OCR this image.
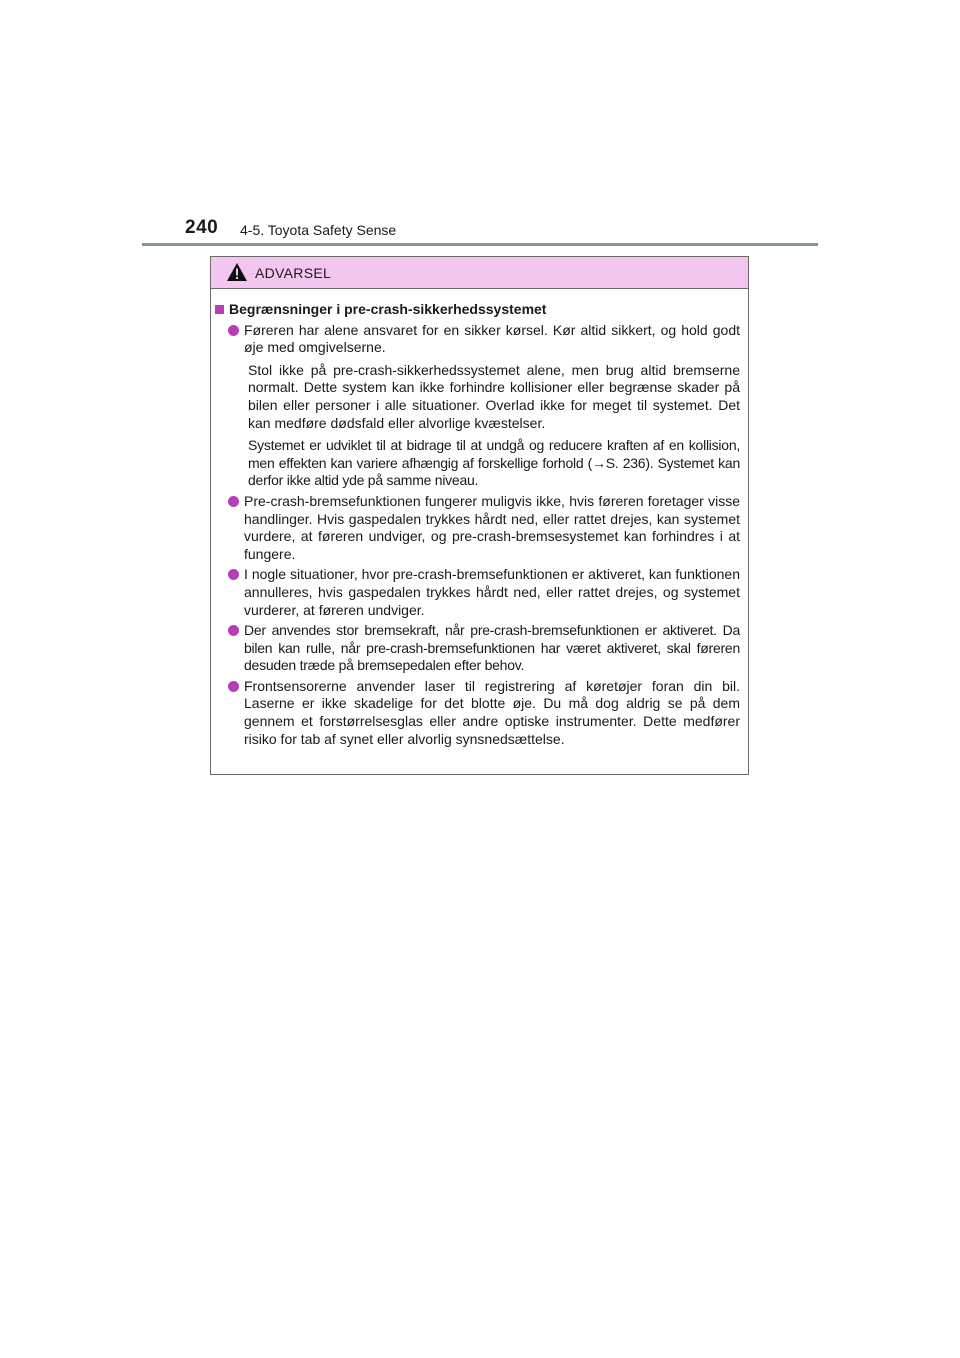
240 4-5. Toyota Safety Sense
ADVARSEL
Begrænsninger i pre-crash-sikkerhedssystemet
Føreren har alene ansvaret for en sikker kørsel. Kør altid sikkert, og hold godt øje med omgivelserne.
Stol ikke på pre-crash-sikkerhedssystemet alene, men brug altid bremserne normalt. Dette system kan ikke forhindre kollisioner eller begrænse skader på bilen eller personer i alle situationer. Overlad ikke for meget til systemet. Det kan medføre dødsfald eller alvorlige kvæstelser.
Systemet er udviklet til at bidrage til at undgå og reducere kraften af en kollision, men effekten kan variere afhængig af forskellige forhold (→S. 236). Systemet kan derfor ikke altid yde på samme niveau.
Pre-crash-bremsefunktionen fungerer muligvis ikke, hvis føreren foretager visse handlinger. Hvis gaspedalen trykkes hårdt ned, eller rattet drejes, kan systemet vurdere, at føreren undviger, og pre-crash-bremsesystemet kan forhindres i at fungere.
I nogle situationer, hvor pre-crash-bremsefunktionen er aktiveret, kan funktionen annulleres, hvis gaspedalen trykkes hårdt ned, eller rattet drejes, og systemet vurderer, at føreren undviger.
Der anvendes stor bremsekraft, når pre-crash-bremsefunktionen er aktiveret. Da bilen kan rulle, når pre-crash-bremsefunktionen har været aktiveret, skal føreren desuden træde på bremsepedalen efter behov.
Frontsensorerne anvender laser til registrering af køretøjer foran din bil. Laserne er ikke skadelige for det blotte øje. Du må dog aldrig se på dem gennem et forstørrelsesglas eller andre optiske instrumenter. Dette medfører risiko for tab af synet eller alvorlig synsnedsættelse.
